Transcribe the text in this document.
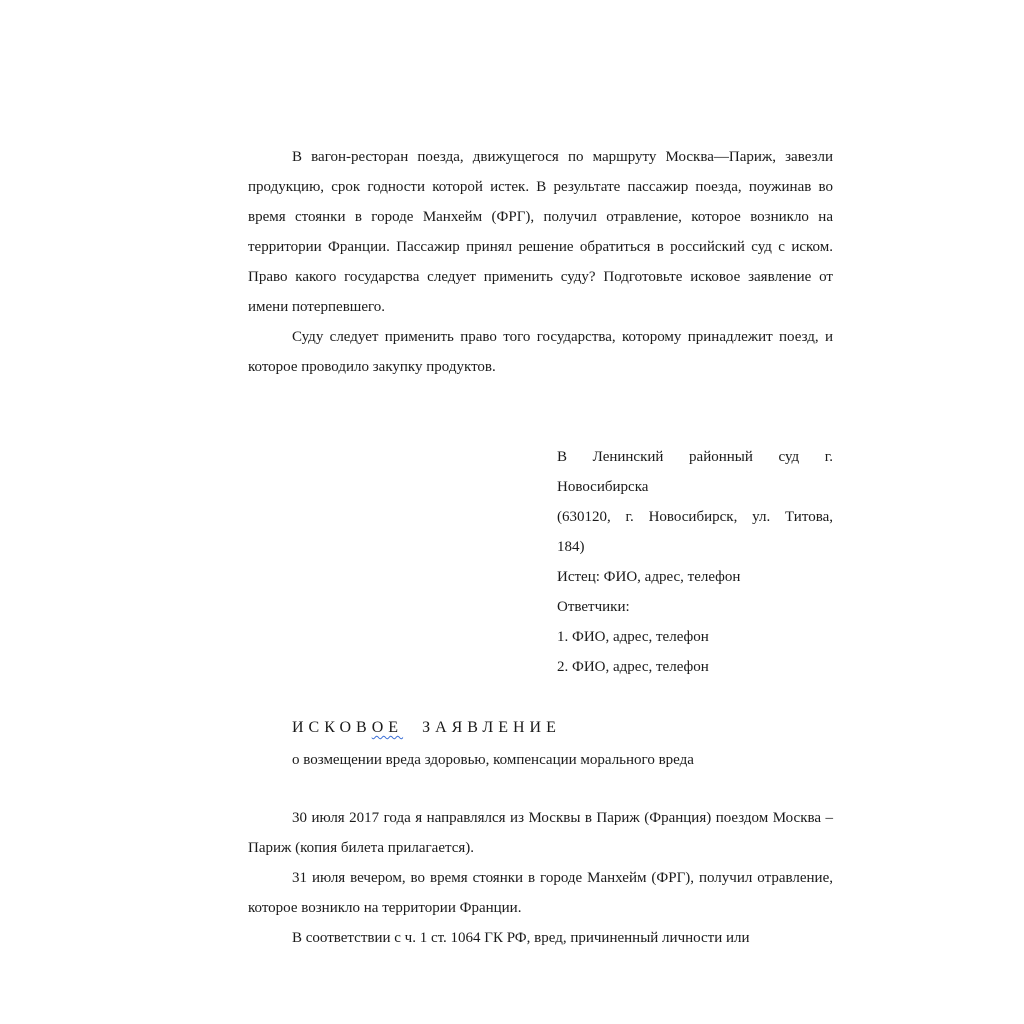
В вагон-ресторан поезда, движущегося по маршруту Москва—Париж, завезли продукцию, срок годности которой истек. В результате пассажир поезда, поужинав во время стоянки в городе Манхейм (ФРГ), получил отравление, которое возникло на территории Франции. Пассажир принял решение обратиться в российский суд с иском. Право какого государства следует применить суду? Подготовьте исковое заявление от имени потерпевшего.

Суду следует применить право того государства, которому принадлежит поезд, и которое проводило закупку продуктов.

В Ленинский районный суд г.
Новосибирска
(630120, г. Новосибирск, ул. Титова,
184)
Истец: ФИО, адрес, телефон
Ответчики:
1. ФИО, адрес, телефон
2. ФИО, адрес, телефон
ИСКОВОЕ ЗАЯВЛЕНИЕ
о возмещении вреда здоровью, компенсации морального вреда

30 июля 2017 года я направлялся из Москвы в Париж (Франция) поездом Москва – Париж (копия билета прилагается).

31 июля вечером, во время стоянки в городе Манхейм (ФРГ), получил отравление, которое возникло на территории Франции.

В соответствии с ч. 1 ст. 1064 ГК РФ, вред, причиненный личности или
